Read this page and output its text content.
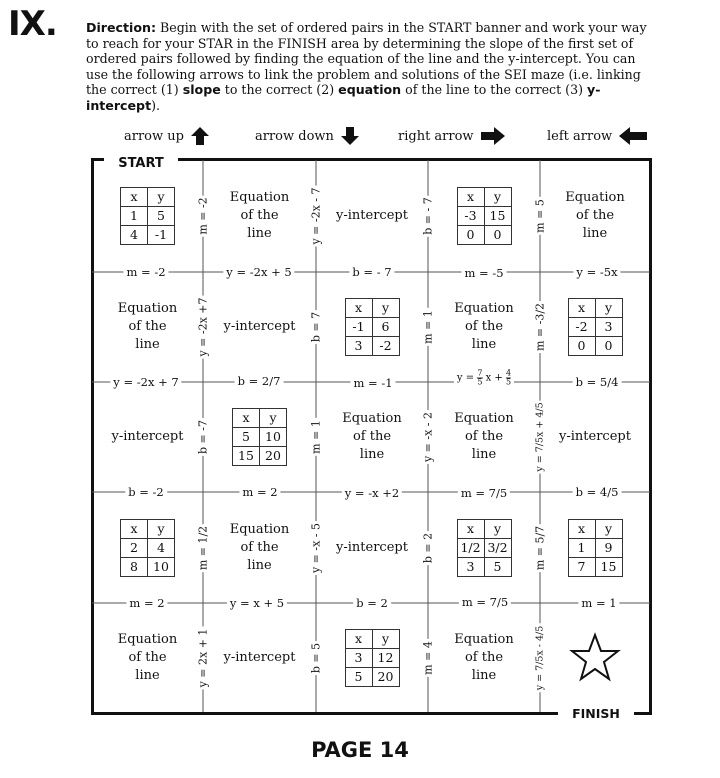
IX. Direction: Begin with the set of ordered pairs in the START banner and work your way to reach for your STAR in the FINISH area by determining the slope of the first set of ordered pairs followed by finding the equation of the line and the y-intercept. You can use the following arrows to link the problem and solutions of the SEI maze (i.e. linking the correct (1) slope to the correct (2) equation of the line to the correct (3) y-intercept).
arrow up	arrow down	right arrow	left arrow
START
FINISH
x	y
1	5
4	-1
Equation
of the
line
y-intercept
x	y
-3	15
0	0
Equation
of the
line
Equation
of the
line
y-intercept
x	y
-1	6
3	-2
Equation
of the
line
x	y
-2	3
0	0
y-intercept
x	y
5	10
15	20
Equation
of the
line
Equation
of the
line
y-intercept
x	y
2	4
8	10
Equation
of the
line
y-intercept
x	y
1/2	3/2
3	5
x	y
1	9
7	15
Equation
of the
line
y-intercept
x	y
3	12
5	20
Equation
of the
line
m = -2	y = -2x + 5	b = - 7	m = -5	y = -5x
y = -2x + 7	b = 2/7	m = -1	$y = \frac{7}{5}$ $x + \frac{4}{5}$	b = 5/4
b = -2	m = 2	y = -x +2	m = 7/5	b = 4/5
m = 2	y = x + 5	b = 2	m = 7/5	m = 1
m = -2	y = -2x - 7	b = - 7	m = 5
y = -2x +7	b = 7	m = 1	m = -3/2
b = -7	m = 1	y = -x - 2	y = 7/5x + 4/5
m = 1/2	y = -x - 5	b = 2	m = 5/7
y = 2x + 1	b = 5	m = 4	y = 7/5x - 4/5
PAGE 14
